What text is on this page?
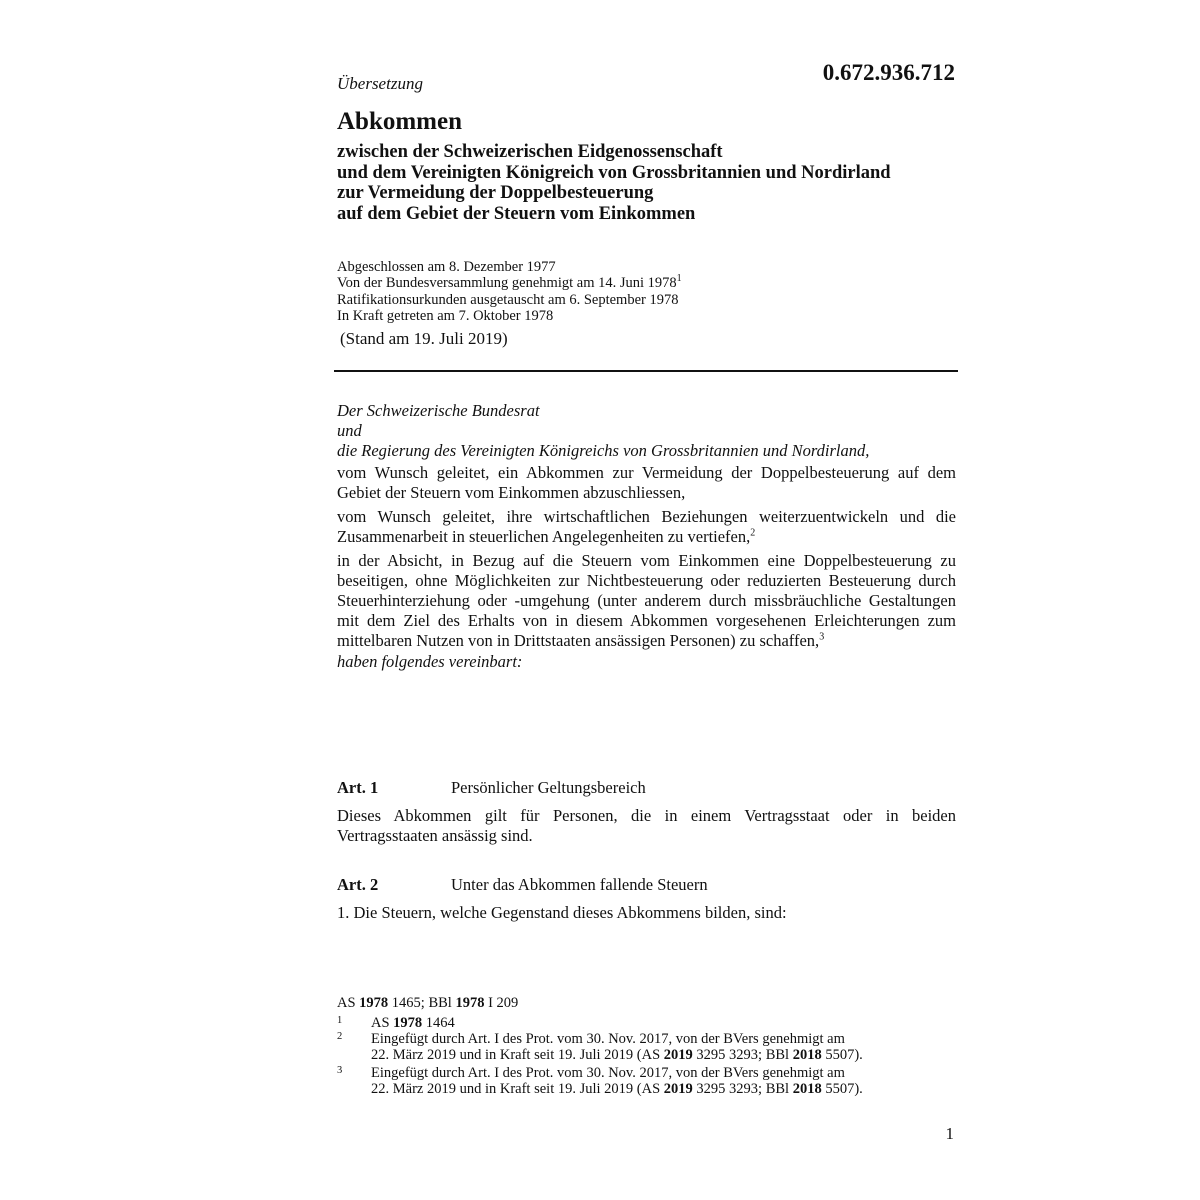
Übersetzung	0.672.936.712
Abkommen
zwischen der Schweizerischen Eidgenossenschaft
und dem Vereinigten Königreich von Grossbritannien und Nordirland
zur Vermeidung der Doppelbesteuerung
auf dem Gebiet der Steuern vom Einkommen
Abgeschlossen am 8. Dezember 1977
Von der Bundesversammlung genehmigt am 14. Juni 1978$^1$
Ratifikationsurkunden ausgetauscht am 6. September 1978
In Kraft getreten am 7. Oktober 1978
(Stand am 19. Juli 2019)
Der Schweizerische Bundesrat
und
die Regierung des Vereinigten Königreichs von Grossbritannien und Nordirland,
vom Wunsch geleitet, ein Abkommen zur Vermeidung der Doppelbesteuerung auf dem Gebiet der Steuern vom Einkommen abzuschliessen,
vom Wunsch geleitet, ihre wirtschaftlichen Beziehungen weiterzuentwickeln und die Zusammenarbeit in steuerlichen Angelegenheiten zu vertiefen,$^2$
in der Absicht, in Bezug auf die Steuern vom Einkommen eine Doppelbesteuerung zu beseitigen, ohne Möglichkeiten zur Nichtbesteuerung oder reduzierten Besteuerung durch Steuerhinterziehung oder -umgehung (unter anderem durch missbräuchliche Gestaltungen mit dem Ziel des Erhalts von in diesem Abkommen vorgesehenen Erleichterungen zum mittelbaren Nutzen von in Drittstaaten ansässigen Personen) zu schaffen,$^3$
haben folgendes vereinbart:
Art. 1	Persönlicher Geltungsbereich
Dieses Abkommen gilt für Personen, die in einem Vertragsstaat oder in beiden Vertragsstaaten ansässig sind.
Art. 2	Unter das Abkommen fallende Steuern
1. Die Steuern, welche Gegenstand dieses Abkommens bilden, sind:
AS 1978 1465; BBl 1978 I 209
1 AS 1978 1464
2 Eingefügt durch Art. I des Prot. vom 30. Nov. 2017, von der BVers genehmigt am
22. März 2019 und in Kraft seit 19. Juli 2019 (AS 2019 3295 3293; BBl 2018 5507).
3 Eingefügt durch Art. I des Prot. vom 30. Nov. 2017, von der BVers genehmigt am
22. März 2019 und in Kraft seit 19. Juli 2019 (AS 2019 3295 3293; BBl 2018 5507).
1
